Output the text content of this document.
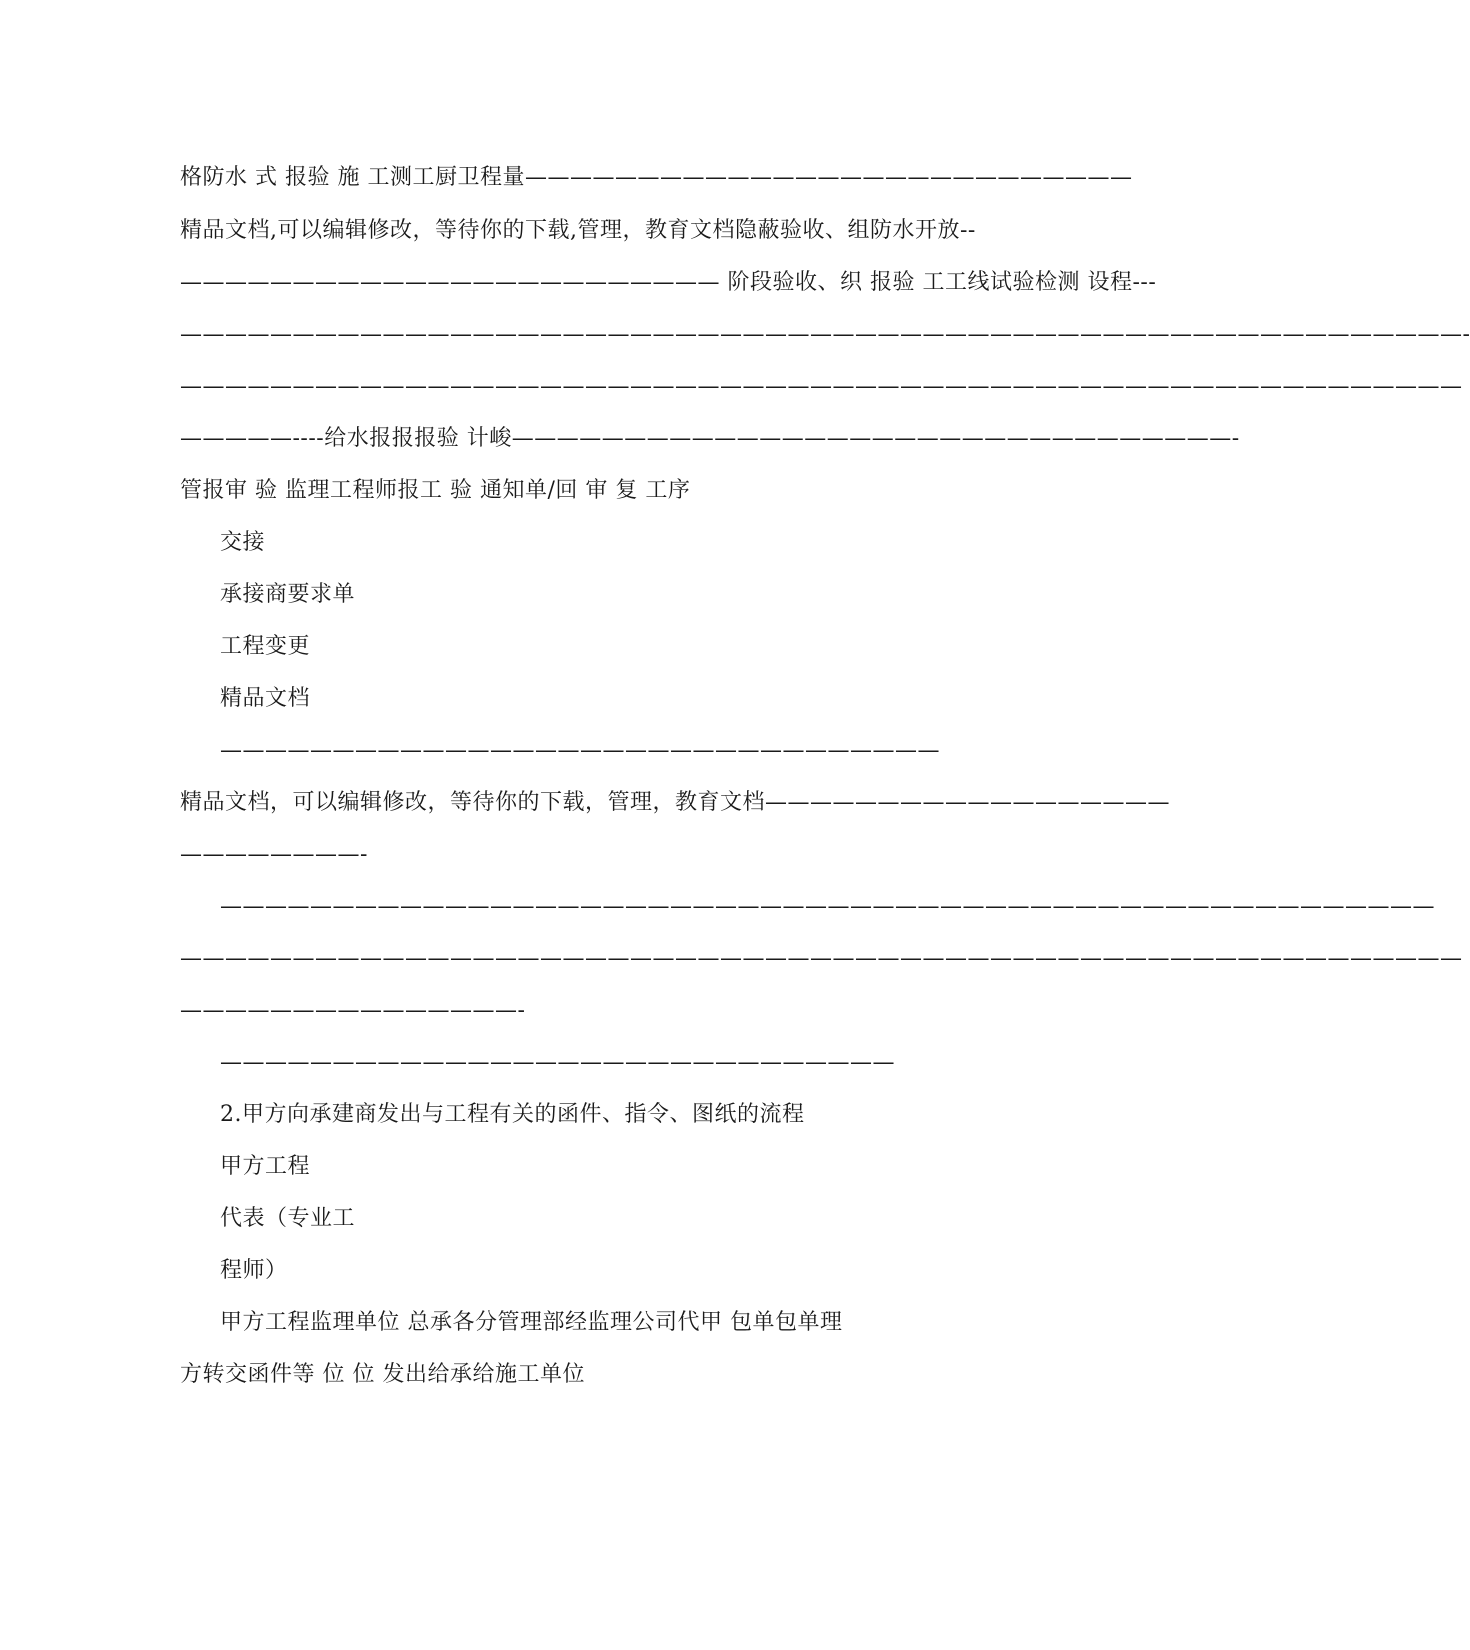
格防水 式 报验 施 工测工厨卫程量———————————————————————————
精品文档,可以编辑修改，等待你的下载,管理，教育文档隐蔽验收、组防水开放--
———————————————————————— 阶段验收、织 报验 工工线试验检测 设程---
—————————————————————————————————————————————————————————-
—————————————————————————————————————————————————————————
—————----给水报报报验 计峻————————————————————————————————-
管报审 验 监理工程师报工 验 通知单/回 审 复 工序
交接
承接商要求单
工程变更
精品文档
————————————————————————————————
精品文档，可以编辑修改，等待你的下载，管理，教育文档——————————————————
————————-
——————————————————————————————————————————————————————
—————————————————————————————————————————————————————————
———————————————-
——————————————————————————————
2.甲方向承建商发出与工程有关的函件、指令、图纸的流程
甲方工程
代表（专业工
程师）
甲方工程监理单位 总承各分管理部经监理公司代甲 包单包单理
方转交函件等 位 位 发出给承给施工单位
